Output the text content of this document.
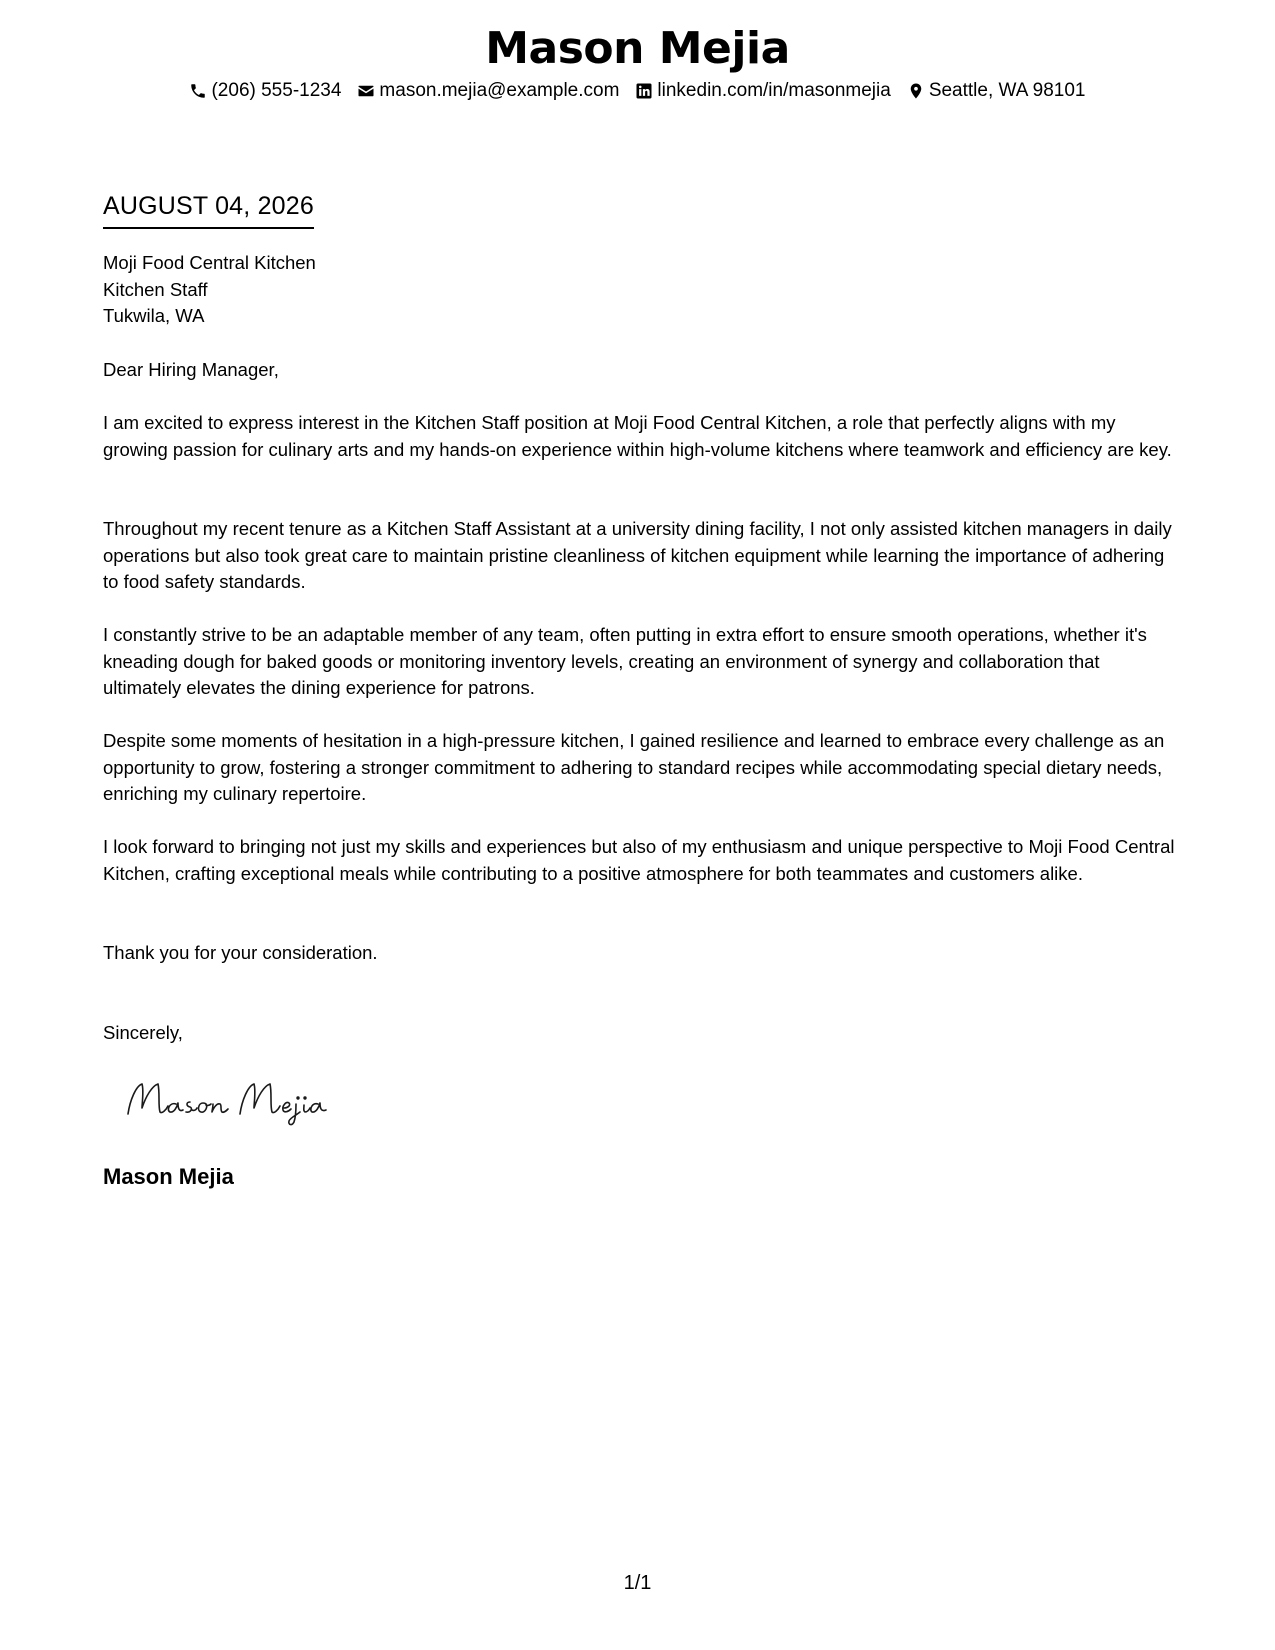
Mason Mejia
(206) 555-1234 mason.mejia@example.com linkedin.com/in/masonmejia Seattle, WA 98101
AUGUST 04, 2026
Moji Food Central Kitchen
Kitchen Staff
Tukwila, WA
Dear Hiring Manager,
I am excited to express interest in the Kitchen Staff position at Moji Food Central Kitchen, a role that perfectly aligns with my growing passion for culinary arts and my hands-on experience within high-volume kitchens where teamwork and efficiency are key.
Throughout my recent tenure as a Kitchen Staff Assistant at a university dining facility, I not only assisted kitchen managers in daily operations but also took great care to maintain pristine cleanliness of kitchen equipment while learning the importance of adhering to food safety standards.
I constantly strive to be an adaptable member of any team, often putting in extra effort to ensure smooth operations, whether it's kneading dough for baked goods or monitoring inventory levels, creating an environment of synergy and collaboration that ultimately elevates the dining experience for patrons.
Despite some moments of hesitation in a high-pressure kitchen, I gained resilience and learned to embrace every challenge as an opportunity to grow, fostering a stronger commitment to adhering to standard recipes while accommodating special dietary needs, enriching my culinary repertoire.
I look forward to bringing not just my skills and experiences but also of my enthusiasm and unique perspective to Moji Food Central Kitchen, crafting exceptional meals while contributing to a positive atmosphere for both teammates and customers alike.
Thank you for your consideration.
Sincerely,
Mason Mejia
1/1
